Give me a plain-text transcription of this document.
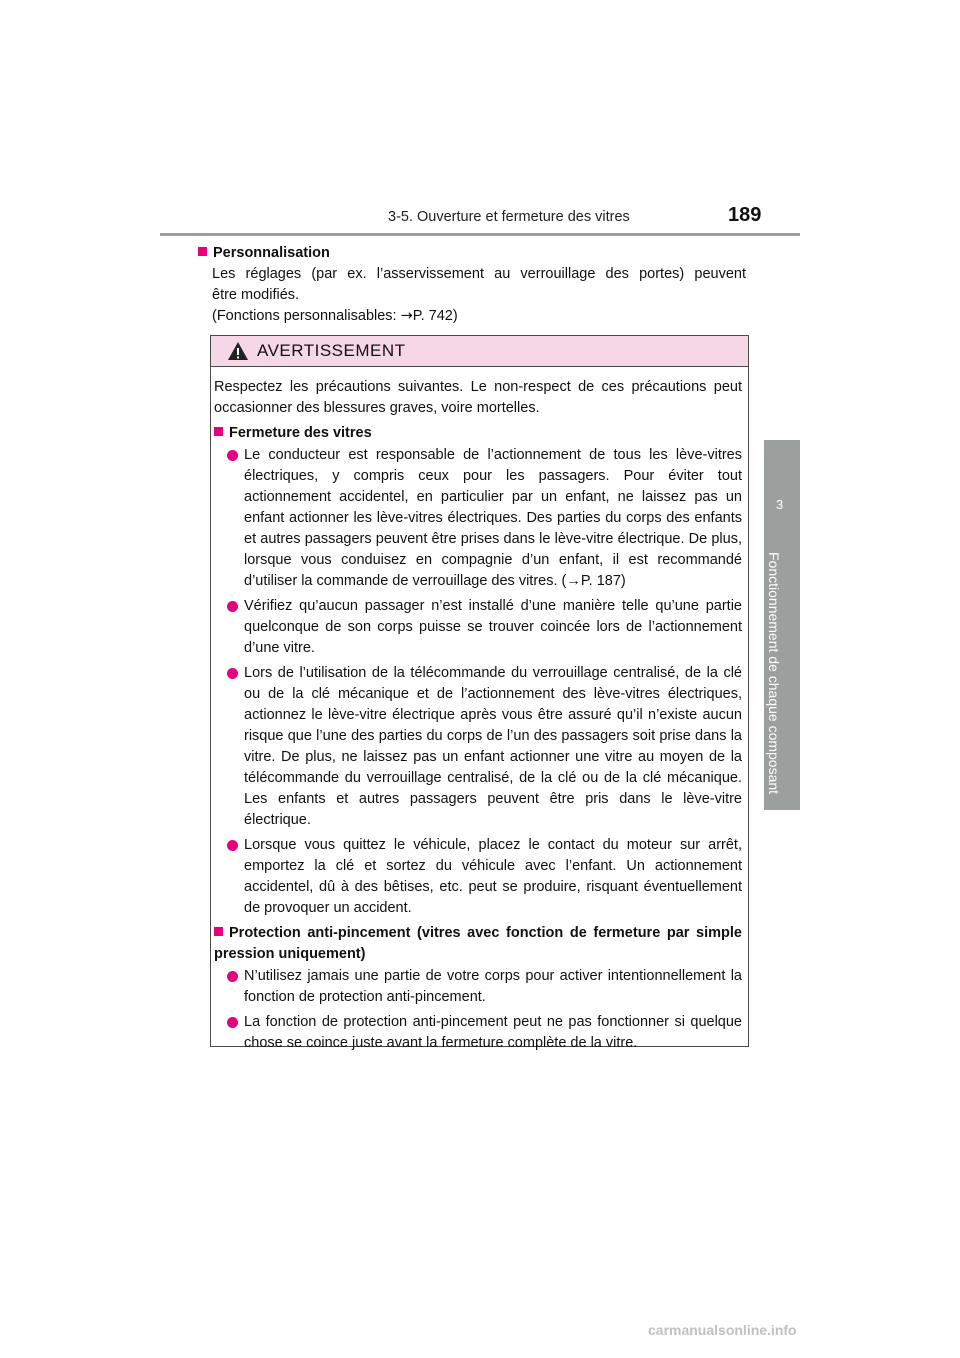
3-5. Ouverture et fermeture des vitres	189
3
Fonctionnement de chaque composant
Personnalisation
Les réglages (par ex. l’asservissement au verrouillage des portes) peuvent
être modifiés.
(Fonctions personnalisables: →P. 742)
AVERTISSEMENT
Respectez les précautions suivantes. Le non-respect de ces précautions peut occasionner des blessures graves, voire mortelles.
Fermeture des vitres
Le conducteur est responsable de l’actionnement de tous les lève-vitres électriques, y compris ceux pour les passagers. Pour éviter tout actionnement accidentel, en particulier par un enfant, ne laissez pas un enfant actionner les lève-vitres électriques. Des parties du corps des enfants et autres passagers peuvent être prises dans le lève-vitre électrique. De plus, lorsque vous conduisez en compagnie d’un enfant, il est recommandé d’utiliser la commande de verrouillage des vitres. (→P. 187)
Vérifiez qu’aucun passager n’est installé d’une manière telle qu’une partie quelconque de son corps puisse se trouver coincée lors de l’actionnement d’une vitre.
Lors de l’utilisation de la télécommande du verrouillage centralisé, de la clé ou de la clé mécanique et de l’actionnement des lève-vitres électriques, actionnez le lève-vitre électrique après vous être assuré qu’il n’existe aucun risque que l’une des parties du corps de l’un des passagers soit prise dans la vitre. De plus, ne laissez pas un enfant actionner une vitre au moyen de la télécommande du verrouillage centralisé, de la clé ou de la clé mécanique. Les enfants et autres passagers peuvent être pris dans le lève-vitre électrique.
Lorsque vous quittez le véhicule, placez le contact du moteur sur arrêt, emportez la clé et sortez du véhicule avec l’enfant. Un actionnement accidentel, dû à des bêtises, etc. peut se produire, risquant éventuellement de provoquer un accident.
Protection anti-pincement (vitres avec fonction de fermeture par simple pression uniquement)
N’utilisez jamais une partie de votre corps pour activer intentionnellement la fonction de protection anti-pincement.
La fonction de protection anti-pincement peut ne pas fonctionner si quelque chose se coince juste avant la fermeture complète de la vitre.
carmanualsonline.info
